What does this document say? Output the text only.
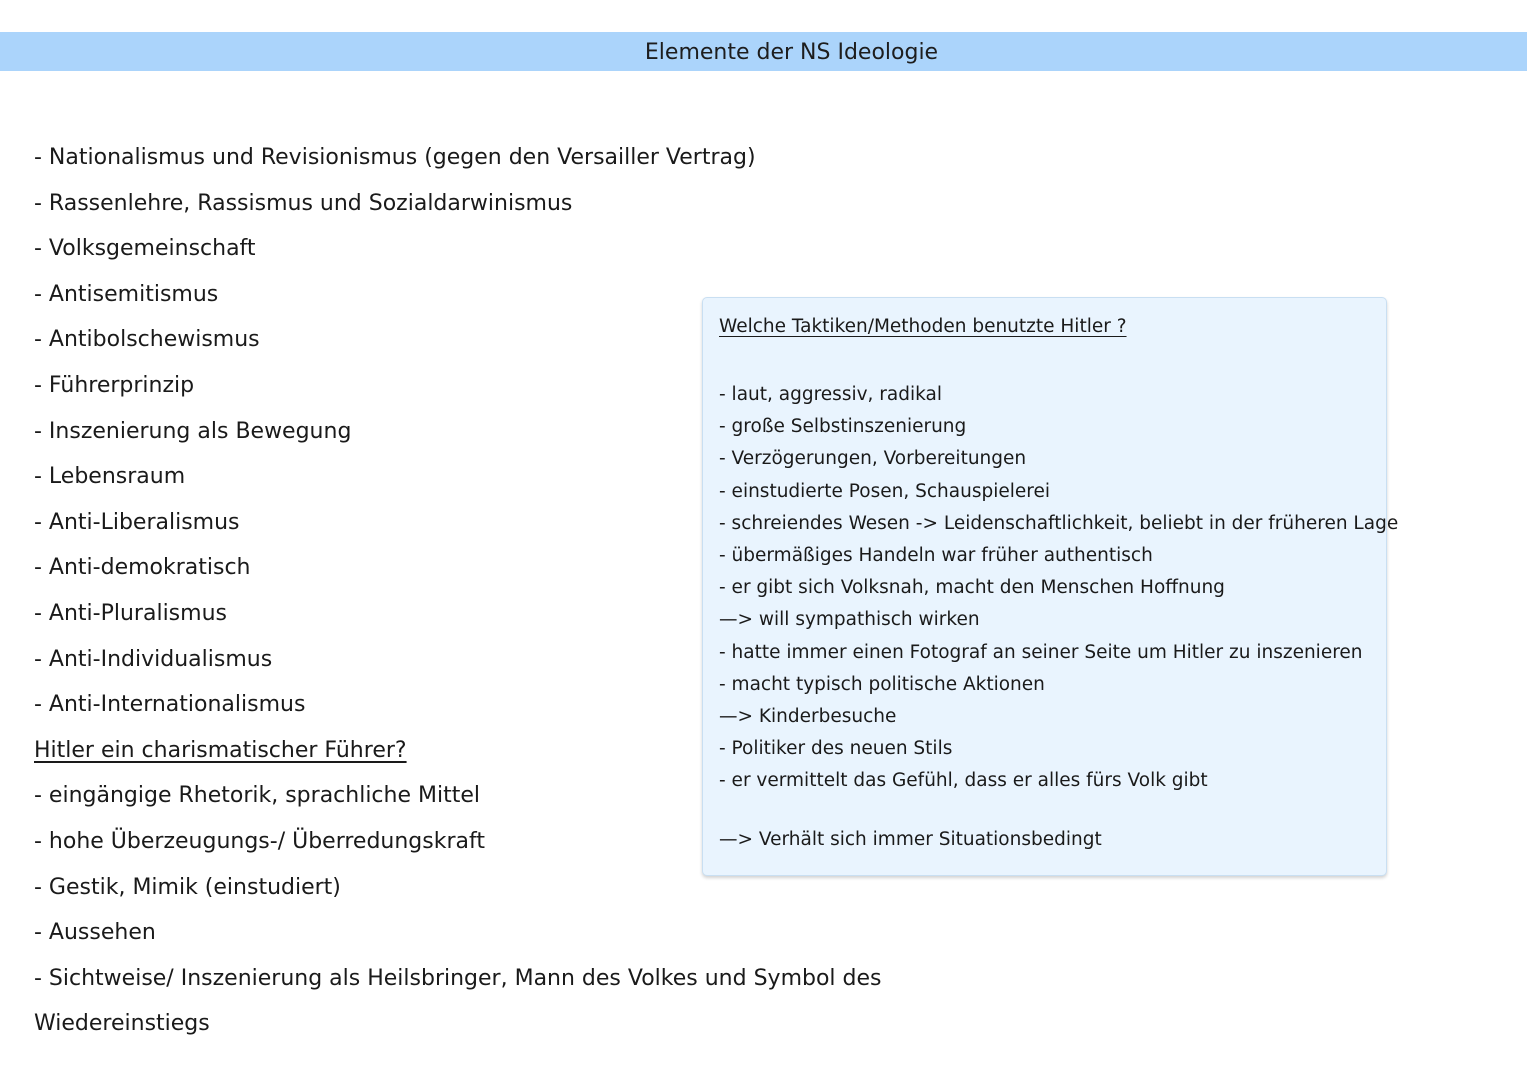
Elemente der NS Ideologie
- Nationalismus und Revisionismus (gegen den Versailler Vertrag)
- Rassenlehre, Rassismus und Sozialdarwinismus
- Volksgemeinschaft
- Antisemitismus
- Antibolschewismus
- Führerprinzip
- Inszenierung als Bewegung
- Lebensraum
- Anti-Liberalismus
- Anti-demokratisch
- Anti-Pluralismus
- Anti-Individualismus
- Anti-Internationalismus
Hitler ein charismatischer Führer?
- eingängige Rhetorik, sprachliche Mittel
- hohe Überzeugungs-/ Überredungskraft
- Gestik, Mimik (einstudiert)
- Aussehen
- Sichtweise/ Inszenierung als Heilsbringer, Mann des Volkes und Symbol des
Wiedereinstiegs
Welche Taktiken/Methoden benutzte Hitler ?
- laut, aggressiv, radikal
- große Selbstinszenierung
- Verzögerungen, Vorbereitungen
- einstudierte Posen, Schauspielerei
- schreiendes Wesen -> Leidenschaftlichkeit, beliebt in der früheren Lage
- übermäßiges Handeln war früher authentisch
- er gibt sich Volksnah, macht den Menschen Hoffnung
—> will sympathisch wirken
- hatte immer einen Fotograf an seiner Seite um Hitler zu inszenieren
- macht typisch politische Aktionen
—> Kinderbesuche
- Politiker des neuen Stils
- er vermittelt das Gefühl, dass er alles fürs Volk gibt
—> Verhält sich immer Situationsbedingt
